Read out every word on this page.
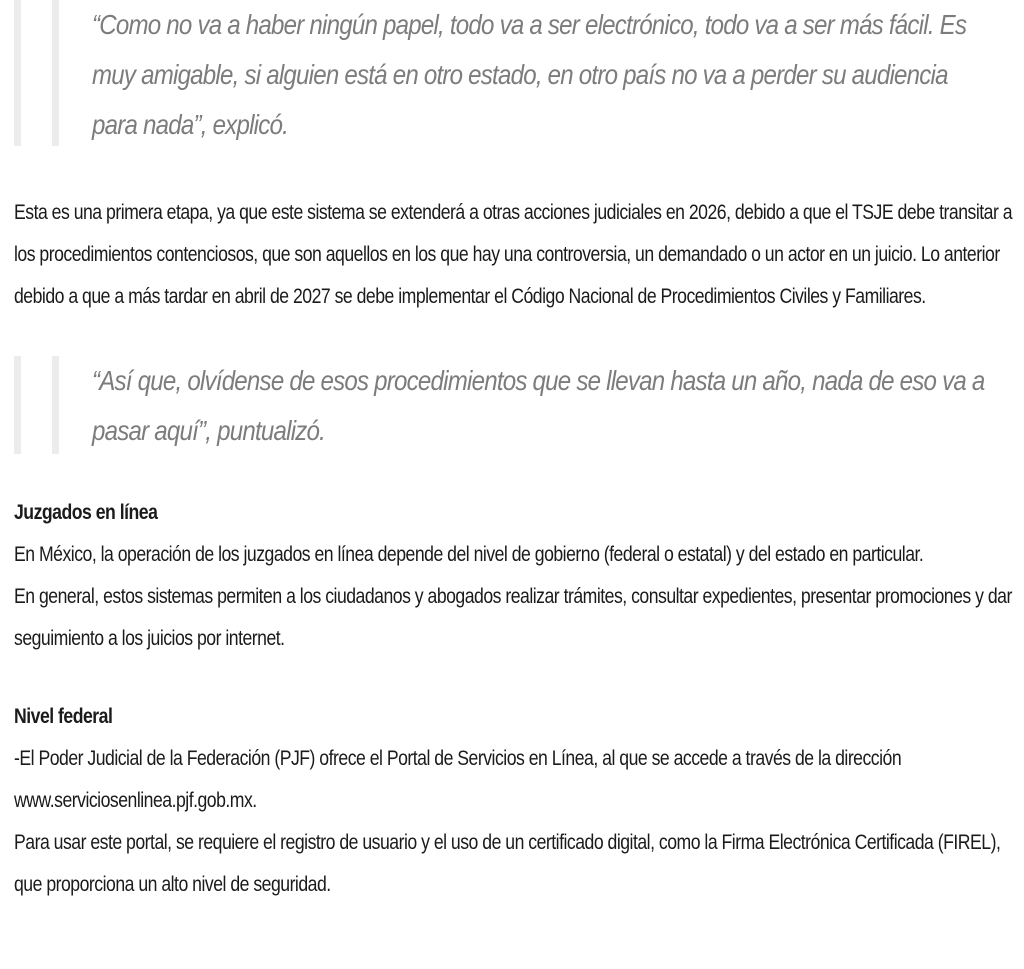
“Como no va a haber ningún papel, todo va a ser electrónico, todo va a ser más fácil. Es muy amigable, si alguien está en otro estado, en otro país no va a perder su audiencia para nada”, explicó.

Esta es una primera etapa, ya que este sistema se extenderá a otras acciones judiciales en 2026, debido a que el TSJE debe transitar a los procedimientos contenciosos, que son aquellos en los que hay una controversia, un demandado o un actor en un juicio. Lo anterior debido a que a más tardar en abril de 2027 se debe implementar el Código Nacional de Procedimientos Civiles y Familiares.

“Así que, olvídense de esos procedimientos que se llevan hasta un año, nada de eso va a pasar aquí”, puntualizó.

Juzgados en línea

En México, la operación de los juzgados en línea depende del nivel de gobierno (federal o estatal) y del estado en particular.

En general, estos sistemas permiten a los ciudadanos y abogados realizar trámites, consultar expedientes, presentar promociones y dar seguimiento a los juicios por internet.

Nivel federal

-El Poder Judicial de la Federación (PJF) ofrece el Portal de Servicios en Línea, al que se accede a través de la dirección www.serviciosenlinea.pjf.gob.mx.

Para usar este portal, se requiere el registro de usuario y el uso de un certificado digital, como la Firma Electrónica Certificada (FIREL), que proporciona un alto nivel de seguridad.
